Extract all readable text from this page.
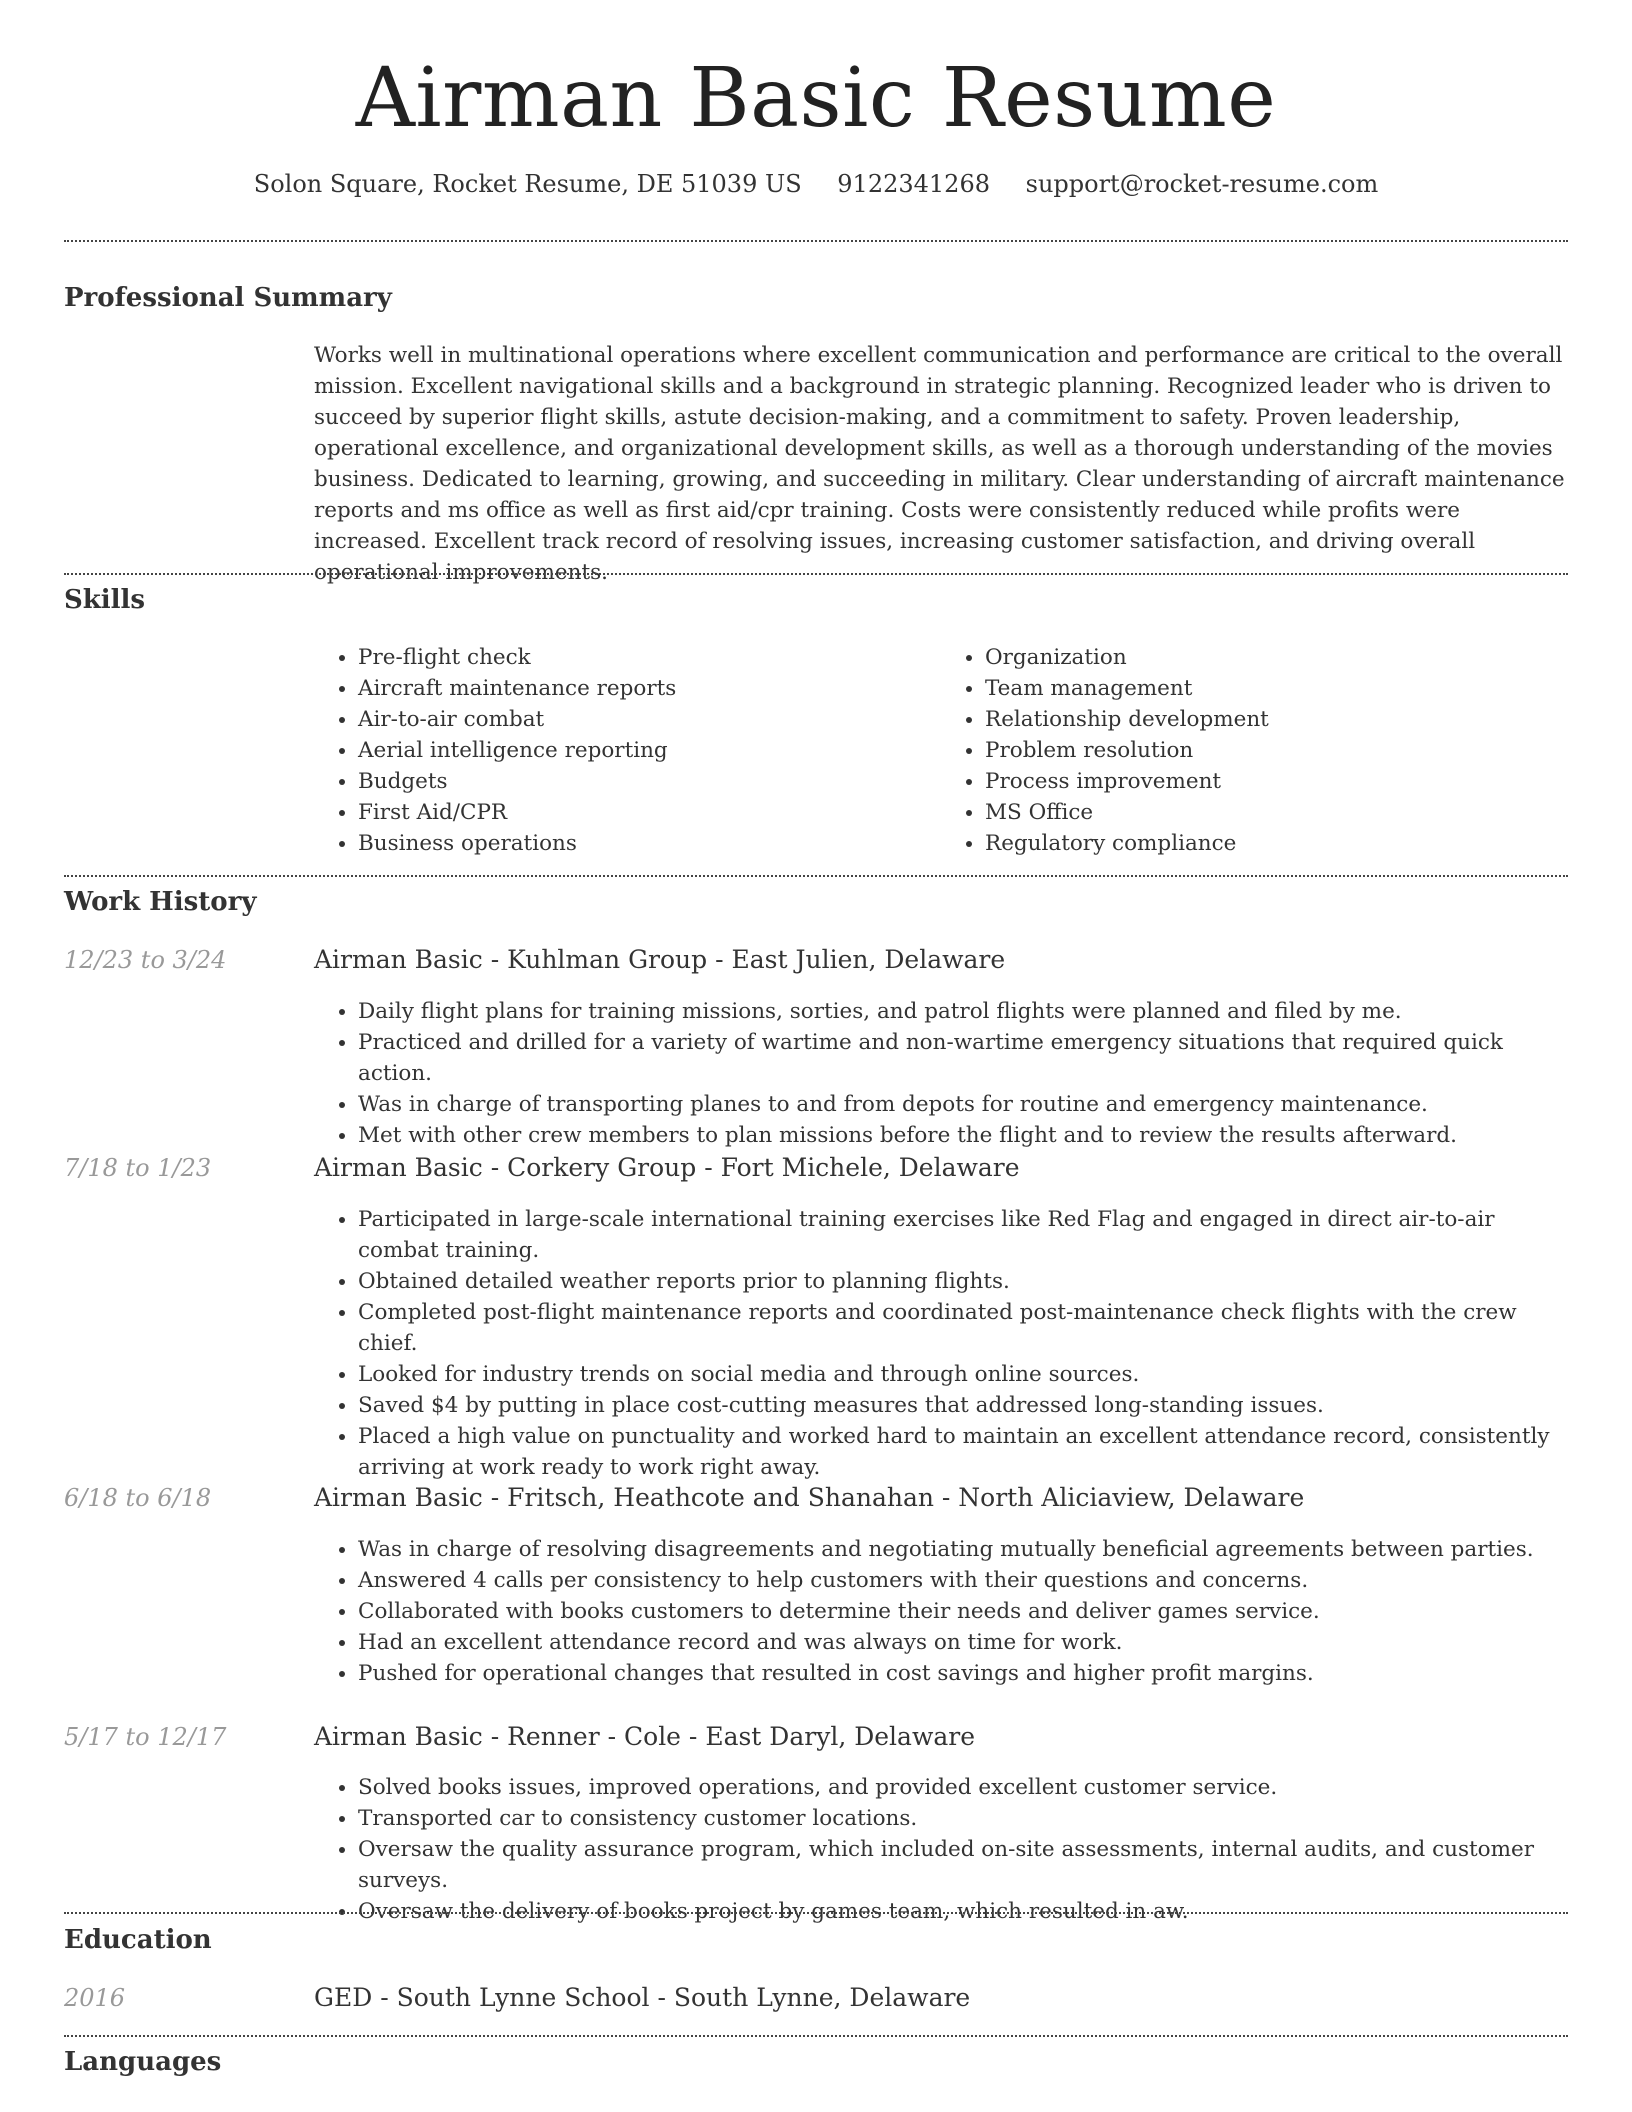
Airman Basic Resume
Solon Square, Rocket Resume, DE 51039 US 9122341268 support@rocket-resume.com
Professional Summary
Works well in multinational operations where excellent communication and performance are critical to the overall mission. Excellent navigational skills and a background in strategic planning. Recognized leader who is driven to succeed by superior flight skills, astute decision-making, and a commitment to safety. Proven leadership, operational excellence, and organizational development skills, as well as a thorough understanding of the movies business. Dedicated to learning, growing, and succeeding in military. Clear understanding of aircraft maintenance reports and ms office as well as first aid/cpr training. Costs were consistently reduced while profits were increased. Excellent track record of resolving issues, increasing customer satisfaction, and driving overall operational improvements.
Skills
• Pre-flight check
• Aircraft maintenance reports
• Air-to-air combat
• Aerial intelligence reporting
• Budgets
• First Aid/CPR
• Business operations
• Organization
• Team management
• Relationship development
• Problem resolution
• Process improvement
• MS Office
• Regulatory compliance
Work History
12/23 to 3/24	Airman Basic - Kuhlman Group - East Julien, Delaware
• Daily flight plans for training missions, sorties, and patrol flights were planned and filed by me.
• Practiced and drilled for a variety of wartime and non-wartime emergency situations that required quick action.
• Was in charge of transporting planes to and from depots for routine and emergency maintenance.
• Met with other crew members to plan missions before the flight and to review the results afterward.
7/18 to 1/23	Airman Basic - Corkery Group - Fort Michele, Delaware
• Participated in large-scale international training exercises like Red Flag and engaged in direct air-to-air combat training.
• Obtained detailed weather reports prior to planning flights.
• Completed post-flight maintenance reports and coordinated post-maintenance check flights with the crew chief.
• Looked for industry trends on social media and through online sources.
• Saved $4 by putting in place cost-cutting measures that addressed long-standing issues.
• Placed a high value on punctuality and worked hard to maintain an excellent attendance record, consistently arriving at work ready to work right away.
6/18 to 6/18	Airman Basic - Fritsch, Heathcote and Shanahan - North Aliciaview, Delaware
• Was in charge of resolving disagreements and negotiating mutually beneficial agreements between parties.
• Answered 4 calls per consistency to help customers with their questions and concerns.
• Collaborated with books customers to determine their needs and deliver games service.
• Had an excellent attendance record and was always on time for work.
• Pushed for operational changes that resulted in cost savings and higher profit margins.
5/17 to 12/17	Airman Basic - Renner - Cole - East Daryl, Delaware
• Solved books issues, improved operations, and provided excellent customer service.
• Transported car to consistency customer locations.
• Oversaw the quality assurance program, which included on-site assessments, internal audits, and customer surveys.
• Oversaw the delivery of books project by games team, which resulted in aw.
Education
2016	GED - South Lynne School - South Lynne, Delaware
Languages
